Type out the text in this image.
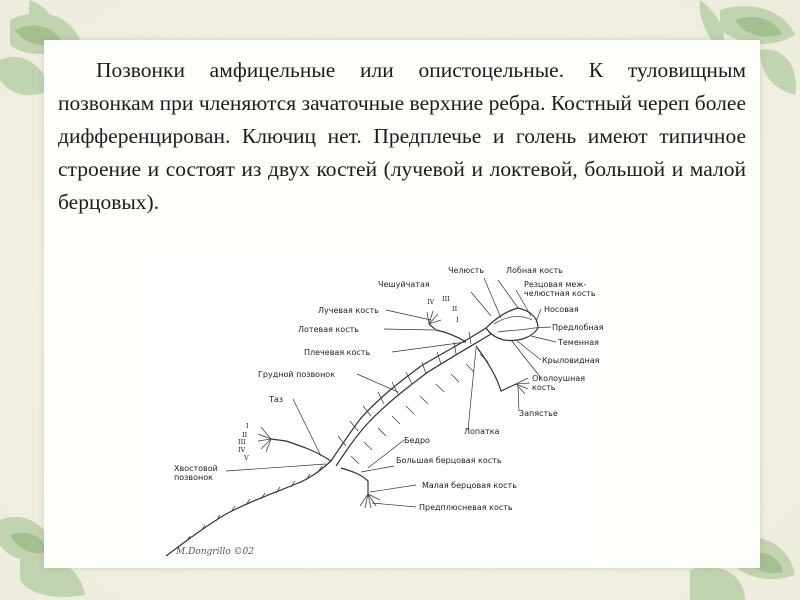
Позвонки амфицельные или опистоцельные. К туловищным позвонкам при членяются зачаточные верхние ребра. Костный череп более дифференцирован. Ключиц нет. Предплечье и голень имеют типичное строение и состоят из двух костей (лучевой и локтевой, большой и малой берцовых).
Челюсть	Лобная кость
Чешуйчатая	Резцовая меж-
челюстная кость
Лучевая кость	Носовая
Лотевая кость	Предлобная
Теменная
Плечевая кость
Крыловидная
Грудной позвонок	Околоушная
кость
Таз
Запястье
Лопатка
Бедро
Большая берцовая кость
Хвостовой
позвонок
Малая берцовая кость
Предплюсневая кость
IV III
II
I
I
II
III
IV
V
M.Dongrillo ©02
